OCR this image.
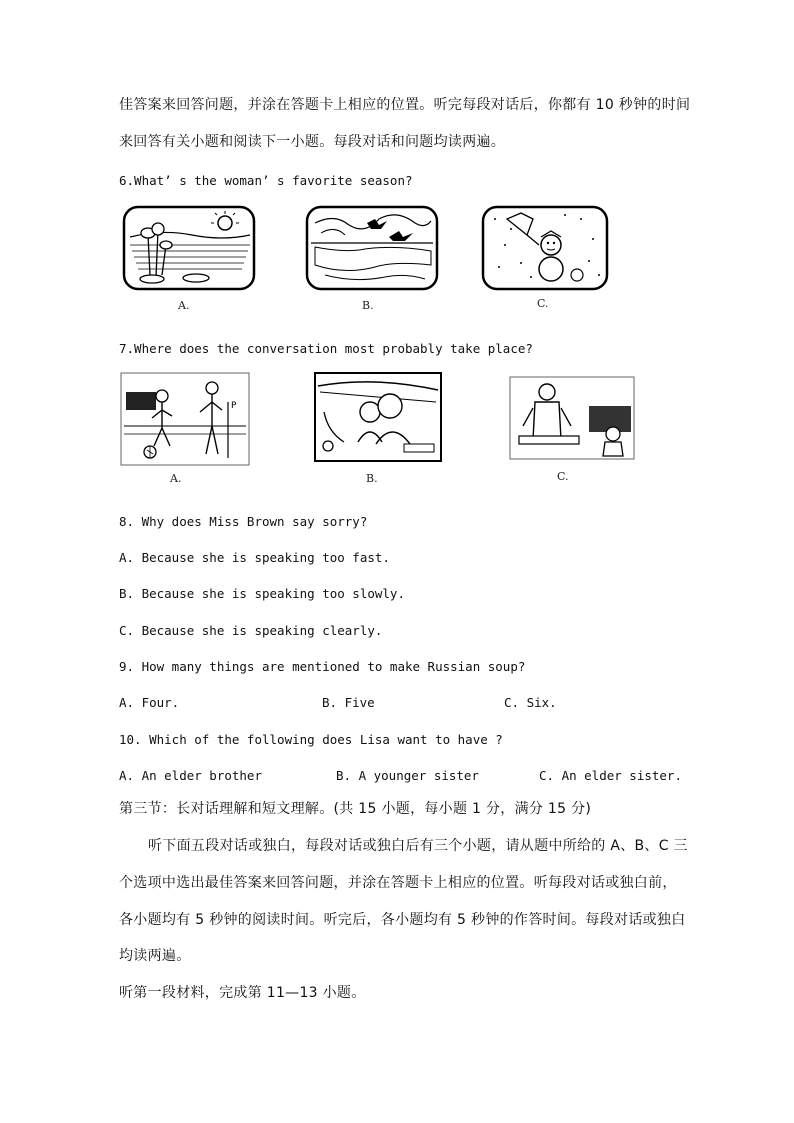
佳答案来回答问题，并涂在答题卡上相应的位置。听完每段对话后，你都有 10 秒钟的时间
来回答有关小题和阅读下一小题。每段对话和问题均读两遍。
6.What’ s the woman’ s favorite season?
A.	B.	C.
7.Where does the conversation most probably take place?
P
A.	B.	C.
8. Why does Miss Brown say sorry?
A. Because she is speaking too fast.
B. Because she is speaking too slowly.
C. Because she is speaking clearly.
9. How many things are mentioned to make Russian soup?
A. Four.	B. Five	C. Six.
10. Which of the following does Lisa want to have ?
A. An elder brother	B. A younger sister	C. An elder sister.
第三节：长对话理解和短文理解。(共 15 小题，每小题 1 分，满分 15 分)
听下面五段对话或独白，每段对话或独白后有三个小题，请从题中所给的 A、B、C 三
个选项中选出最佳答案来回答问题，并涂在答题卡上相应的位置。听每段对话或独白前，
各小题均有 5 秒钟的阅读时间。听完后，各小题均有 5 秒钟的作答时间。每段对话或独白
均读两遍。
听第一段材料，完成第 11—13 小题。
